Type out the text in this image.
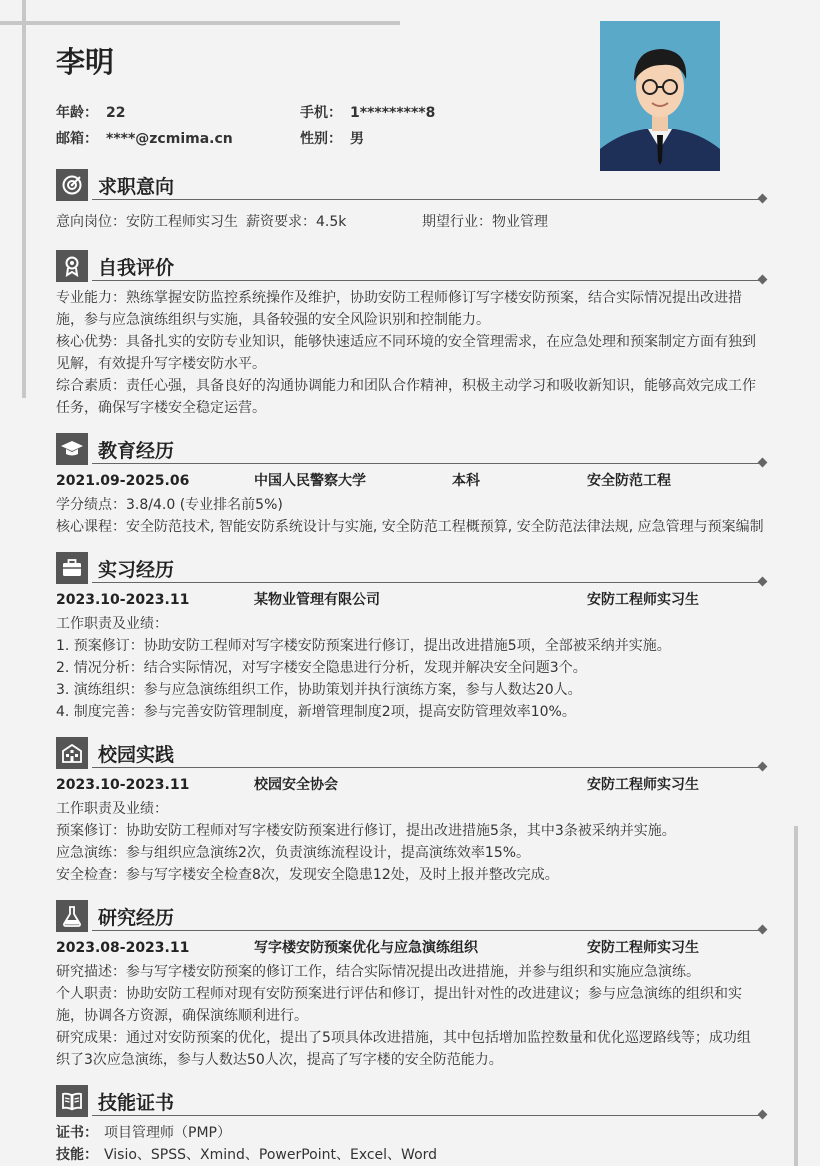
李明
年龄： 22	手机： 1*********8
邮箱： ****@zcmima.cn	性别： 男
求职意向
意向岗位：安防工程师实习生 薪资要求：4.5k	期望行业：物业管理
自我评价
专业能力：熟练掌握安防监控系统操作及维护，协助安防工程师修订写字楼安防预案，结合实际情况提出改进措
施，参与应急演练组织与实施，具备较强的安全风险识别和控制能力。
核心优势：具备扎实的安防专业知识，能够快速适应不同环境的安全管理需求，在应急处理和预案制定方面有独到
见解，有效提升写字楼安防水平。
综合素质：责任心强，具备良好的沟通协调能力和团队合作精神，积极主动学习和吸收新知识，能够高效完成工作
任务，确保写字楼安全稳定运营。
教育经历
2021.09-2025.06	中国人民警察大学	本科	安全防范工程
学分绩点：3.8/4.0 (专业排名前5%)
核心课程：安全防范技术, 智能安防系统设计与实施, 安全防范工程概预算, 安全防范法律法规, 应急管理与预案编制
实习经历
2023.10-2023.11	某物业管理有限公司	安防工程师实习生
工作职责及业绩：
1. 预案修订：协助安防工程师对写字楼安防预案进行修订，提出改进措施5项，全部被采纳并实施。
2. 情况分析：结合实际情况，对写字楼安全隐患进行分析，发现并解决安全问题3个。
3. 演练组织：参与应急演练组织工作，协助策划并执行演练方案，参与人数达20人。
4. 制度完善：参与完善安防管理制度，新增管理制度2项，提高安防管理效率10%。
校园实践
2023.10-2023.11	校园安全协会	安防工程师实习生
工作职责及业绩：
预案修订：协助安防工程师对写字楼安防预案进行修订，提出改进措施5条，其中3条被采纳并实施。
应急演练：参与组织应急演练2次，负责演练流程设计，提高演练效率15%。
安全检查：参与写字楼安全检查8次，发现安全隐患12处，及时上报并整改完成。
研究经历
2023.08-2023.11	写字楼安防预案优化与应急演练组织	安防工程师实习生
研究描述：参与写字楼安防预案的修订工作，结合实际情况提出改进措施，并参与组织和实施应急演练。
个人职责：协助安防工程师对现有安防预案进行评估和修订，提出针对性的改进建议；参与应急演练的组织和实
施，协调各方资源，确保演练顺利进行。
研究成果：通过对安防预案的优化，提出了5项具体改进措施，其中包括增加监控数量和优化巡逻路线等；成功组
织了3次应急演练，参与人数达50人次，提高了写字楼的安全防范能力。
技能证书
证书： 项目管理师（PMP）
技能： Visio、SPSS、Xmind、PowerPoint、Excel、Word
